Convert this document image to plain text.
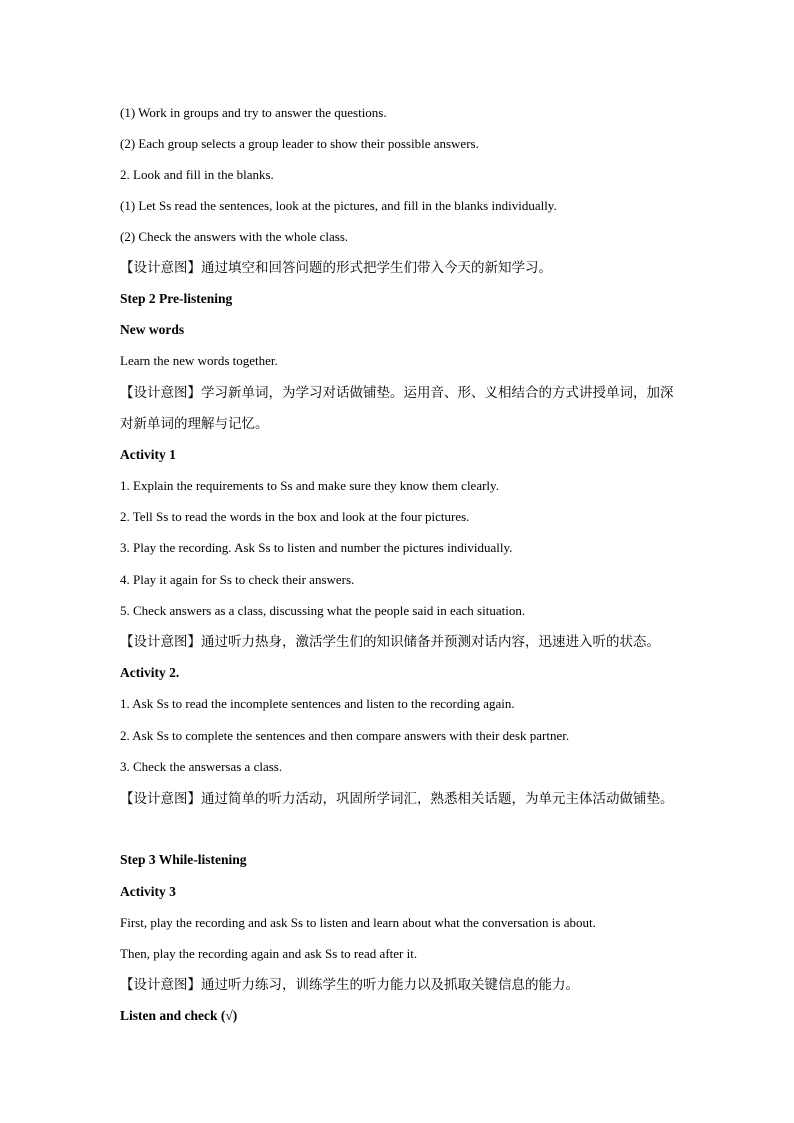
(1) Work in groups and try to answer the questions.
(2) Each group selects a group leader to show their possible answers.
2. Look and fill in the blanks.
(1) Let Ss read the sentences, look at the pictures, and fill in the blanks individually.
(2) Check the answers with the whole class.
【设计意图】通过填空和回答问题的形式把学生们带入今天的新知学习。
Step 2 Pre-listening
New words
Learn the new words together.
【设计意图】学习新单词，为学习对话做铺垫。运用音、形、义相结合的方式讲授单词，加深对新单词的理解与记忆。
Activity 1
1. Explain the requirements to Ss and make sure they know them clearly.
2. Tell Ss to read the words in the box and look at the four pictures.
3. Play the recording. Ask Ss to listen and number the pictures individually.
4. Play it again for Ss to check their answers.
5. Check answers as a class, discussing what the people said in each situation.
【设计意图】通过听力热身，激活学生们的知识储备并预测对话内容，迅速进入听的状态。
Activity 2.
1. Ask Ss to read the incomplete sentences and listen to the recording again.
2. Ask Ss to complete the sentences and then compare answers with their desk partner.
3. Check the answersas a class.
【设计意图】通过简单的听力活动，巩固所学词汇，熟悉相关话题，为单元主体活动做铺垫。
Step 3 While-listening
Activity 3
First, play the recording and ask Ss to listen and learn about what the conversation is about.
Then, play the recording again and ask Ss to read after it.
【设计意图】通过听力练习，训练学生的听力能力以及抓取关键信息的能力。
Listen and check (√)
